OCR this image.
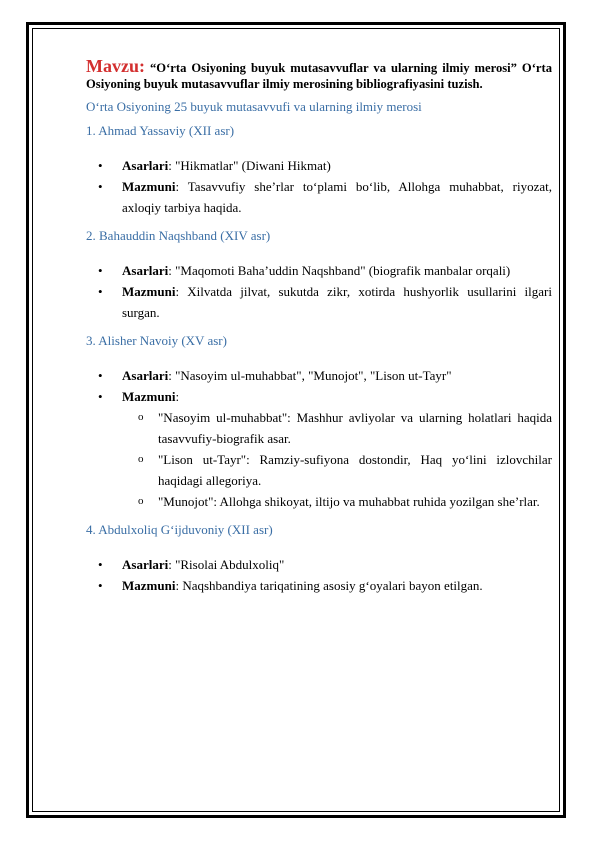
Mavzu: “O‘rta Osiyoning buyuk mutasavvuflar va ularning ilmiy merosi” O‘rta Osiyoning buyuk mutasavvuflar ilmiy merosining bibliografiyasini tuzish.
O‘rta Osiyoning 25 buyuk mutasavvufi va ularning ilmiy merosi
1. Ahmad Yassaviy (XII asr)
• Asarlari: "Hikmatlar" (Diwani Hikmat)
• Mazmuni: Tasavvufiy she’rlar to‘plami bo‘lib, Allohga muhabbat, riyozat, axloqiy tarbiya haqida.
2. Bahauddin Naqshband (XIV asr)
• Asarlari: "Maqomoti Baha’uddin Naqshband" (biografik manbalar orqali)
• Mazmuni: Xilvatda jilvat, sukutda zikr, xotirda hushyorlik usullarini ilgari surgan.
3. Alisher Navoiy (XV asr)
• Asarlari: "Nasoyim ul-muhabbat", "Munojot", "Lison ut-Tayr"
• Mazmuni:
o "Nasoyim ul-muhabbat": Mashhur avliyolar va ularning holatlari haqida tasavvufiy-biografik asar.
o "Lison ut-Tayr": Ramziy-sufiyona dostondir, Haq yo‘lini izlovchilar haqidagi allegoriya.
o "Munojot": Allohga shikoyat, iltijo va muhabbat ruhida yozilgan she’rlar.
4. Abdulxoliq G‘ijduvoniy (XII asr)
• Asarlari: "Risolai Abdulxoliq"
• Mazmuni: Naqshbandiya tariqatining asosiy g‘oyalari bayon etilgan.
